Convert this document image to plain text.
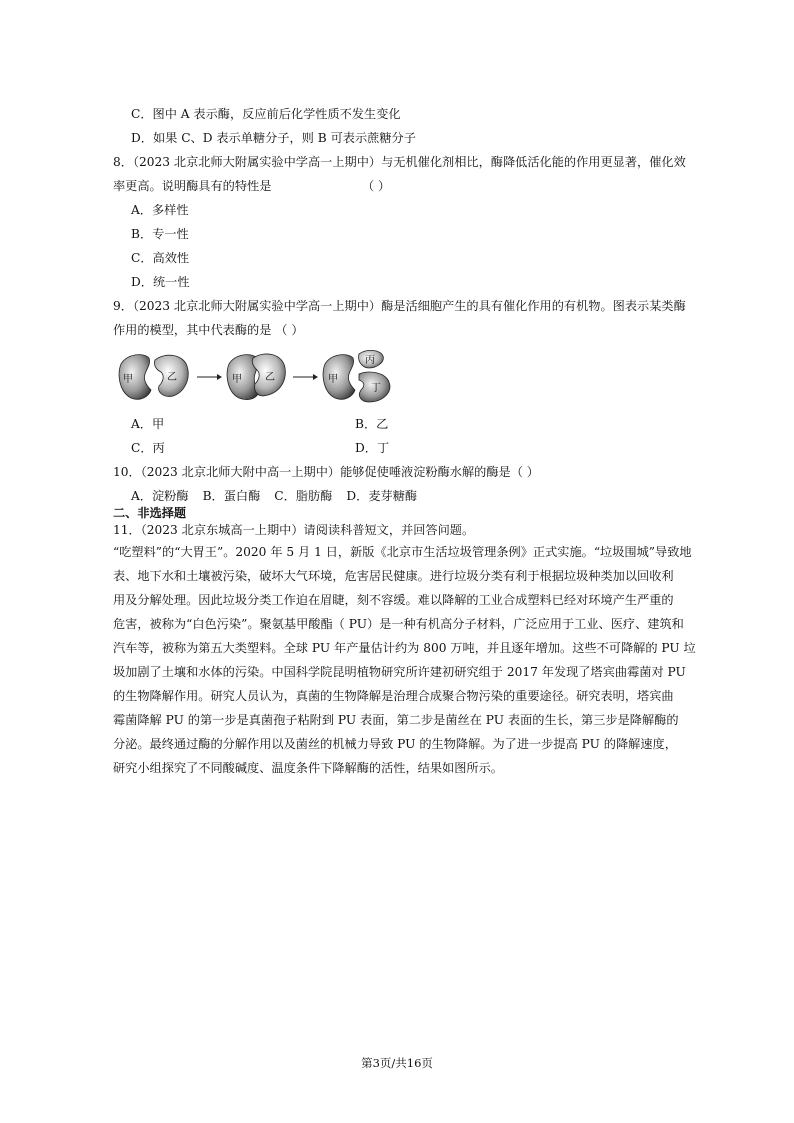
C．图中 A 表示酶，反应前后化学性质不发生变化
D．如果 C、D 表示单糖分子，则 B 可表示蔗糖分子
8．（2023 北京北师大附属实验中学高一上期中）与无机催化剂相比，酶降低活化能的作用更显著，催化效
率更高。说明酶具有的特性是	（ ）
A．多样性
B．专一性
C．高效性
D．统一性
9．（2023 北京北师大附属实验中学高一上期中）酶是活细胞产生的具有催化作用的有机物。图表示某类酶
作用的模型，其中代表酶的是 （ ）
甲	乙	甲 乙	甲
丙
丁
A．甲	B．乙
C．丙	D．丁
10．（2023 北京北师大附中高一上期中）能够促使唾液淀粉酶水解的酶是（ ）
A．淀粉酶 B．蛋白酶 C．脂肪酶 D．麦芽糖酶
二、非选择题
11．（2023 北京东城高一上期中）请阅读科普短文，并回答问题。
“吃塑料”的“大胃王”。2020 年 5 月 1 日，新版《北京市生活垃圾管理条例》正式实施。“垃圾围城”导致地
表、地下水和土壤被污染，破坏大气环境，危害居民健康。进行垃圾分类有利于根据垃圾种类加以回收利
用及分解处理。因此垃圾分类工作迫在眉睫，刻不容缓。难以降解的工业合成塑料已经对环境产生严重的
危害，被称为“白色污染”。聚氨基甲酸酯（ PU）是一种有机高分子材料，广泛应用于工业、医疗、建筑和
汽车等，被称为第五大类塑料。全球 PU 年产量估计约为 800 万吨，并且逐年增加。这些不可降解的 PU 垃
圾加剧了土壤和水体的污染。中国科学院昆明植物研究所许建初研究组于 2017 年发现了塔宾曲霉菌对 PU
的生物降解作用。研究人员认为，真菌的生物降解是治理合成聚合物污染的重要途径。研究表明，塔宾曲
霉菌降解 PU 的第一步是真菌孢子粘附到 PU 表面，第二步是菌丝在 PU 表面的生长，第三步是降解酶的
分泌。最终通过酶的分解作用以及菌丝的机械力导致 PU 的生物降解。为了进一步提高 PU 的降解速度，
研究小组探究了不同酸碱度、温度条件下降解酶的活性，结果如图所示。
第3页/共16页
